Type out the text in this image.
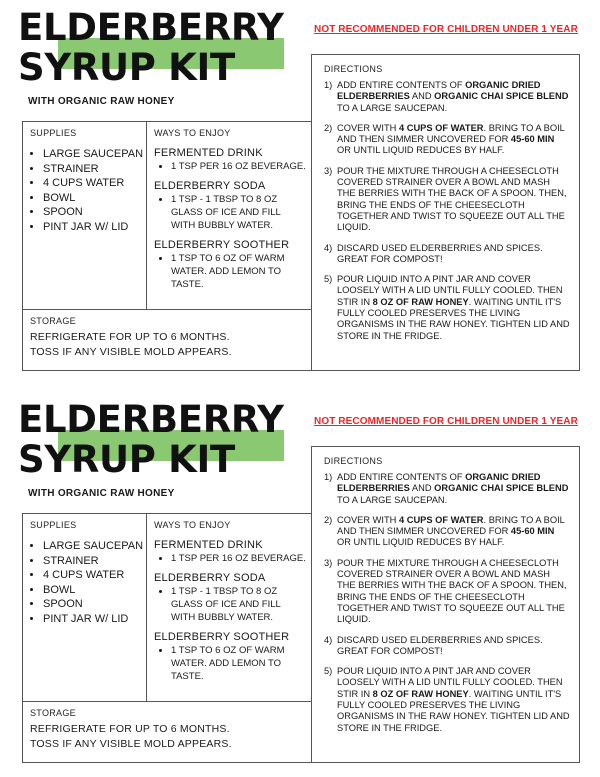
ELDERBERRY
SYRUP KIT
WITH ORGANIC RAW HONEY
NOT RECOMMENDED FOR CHILDREN UNDER 1 YEAR
SUPPLIES
• LARGE SAUCEPAN
• STRAINER
• 4 CUPS WATER
• BOWL
• SPOON
• PINT JAR W/ LID
WAYS TO ENJOY
FERMENTED DRINK
• 1 TSP PER 16 OZ BEVERAGE.
ELDERBERRY SODA
• 1 TSP - 1 TBSP TO 8 OZ GLASS OF ICE AND FILL WITH BUBBLY WATER.
ELDERBERRY SOOTHER
• 1 TSP TO 6 OZ OF WARM WATER. ADD LEMON TO TASTE.
STORAGE
REFRIGERATE FOR UP TO 6 MONTHS.
TOSS IF ANY VISIBLE MOLD APPEARS.
DIRECTIONS
1) ADD ENTIRE CONTENTS OF ORGANIC DRIED ELDERBERRIES AND ORGANIC CHAI SPICE BLEND TO A LARGE SAUCEPAN.
2) COVER WITH 4 CUPS OF WATER. BRING TO A BOIL AND THEN SIMMER UNCOVERED FOR 45-60 MIN OR UNTIL LIQUID REDUCES BY HALF.
3) POUR THE MIXTURE THROUGH A CHEESECLOTH COVERED STRAINER OVER A BOWL AND MASH THE BERRIES WITH THE BACK OF A SPOON. THEN, BRING THE ENDS OF THE CHEESECLOTH TOGETHER AND TWIST TO SQUEEZE OUT ALL THE LIQUID.
4) DISCARD USED ELDERBERRIES AND SPICES. GREAT FOR COMPOST!
5) POUR LIQUID INTO A PINT JAR AND COVER LOOSELY WITH A LID UNTIL FULLY COOLED. THEN STIR IN 8 OZ OF RAW HONEY. WAITING UNTIL IT'S FULLY COOLED PRESERVES THE LIVING ORGANISMS IN THE RAW HONEY. TIGHTEN LID AND STORE IN THE FRIDGE.
ELDERBERRY
SYRUP KIT
WITH ORGANIC RAW HONEY
NOT RECOMMENDED FOR CHILDREN UNDER 1 YEAR
SUPPLIES
• LARGE SAUCEPAN
• STRAINER
• 4 CUPS WATER
• BOWL
• SPOON
• PINT JAR W/ LID
WAYS TO ENJOY
FERMENTED DRINK
• 1 TSP PER 16 OZ BEVERAGE.
ELDERBERRY SODA
• 1 TSP - 1 TBSP TO 8 OZ GLASS OF ICE AND FILL WITH BUBBLY WATER.
ELDERBERRY SOOTHER
• 1 TSP TO 6 OZ OF WARM WATER. ADD LEMON TO TASTE.
STORAGE
REFRIGERATE FOR UP TO 6 MONTHS.
TOSS IF ANY VISIBLE MOLD APPEARS.
DIRECTIONS
1) ADD ENTIRE CONTENTS OF ORGANIC DRIED ELDERBERRIES AND ORGANIC CHAI SPICE BLEND TO A LARGE SAUCEPAN.
2) COVER WITH 4 CUPS OF WATER. BRING TO A BOIL AND THEN SIMMER UNCOVERED FOR 45-60 MIN OR UNTIL LIQUID REDUCES BY HALF.
3) POUR THE MIXTURE THROUGH A CHEESECLOTH COVERED STRAINER OVER A BOWL AND MASH THE BERRIES WITH THE BACK OF A SPOON. THEN, BRING THE ENDS OF THE CHEESECLOTH TOGETHER AND TWIST TO SQUEEZE OUT ALL THE LIQUID.
4) DISCARD USED ELDERBERRIES AND SPICES. GREAT FOR COMPOST!
5) POUR LIQUID INTO A PINT JAR AND COVER LOOSELY WITH A LID UNTIL FULLY COOLED. THEN STIR IN 8 OZ OF RAW HONEY. WAITING UNTIL IT'S FULLY COOLED PRESERVES THE LIVING ORGANISMS IN THE RAW HONEY. TIGHTEN LID AND STORE IN THE FRIDGE.
